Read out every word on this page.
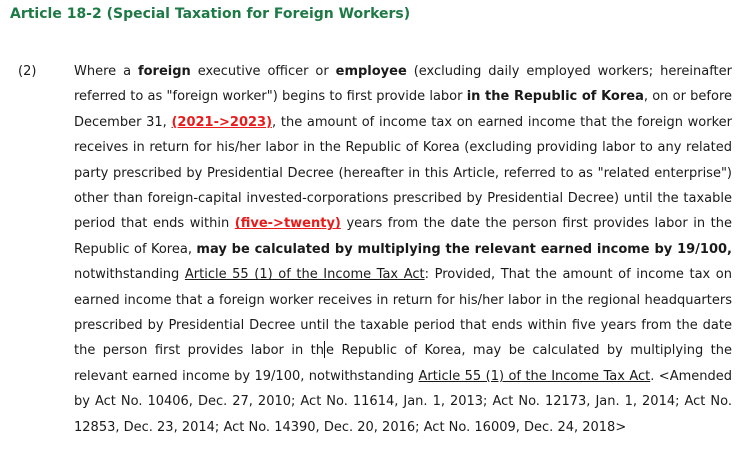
Article 18-2 (Special Taxation for Foreign Workers)
(2)	Where a foreign executive officer or employee (excluding daily employed workers; hereinafter referred to as "foreign worker") begins to first provide labor in the Republic of Korea, on or before December 31, (2021->2023), the amount of income tax on earned income that the foreign worker receives in return for his/her labor in the Republic of Korea (excluding providing labor to any related party prescribed by Presidential Decree (hereafter in this Article, referred to as "related enterprise") other than foreign-capital invested-corporations prescribed by Presidential Decree) until the taxable period that ends within (five->twenty) years from the date the person first provides labor in the Republic of Korea, may be calculated by multiplying the relevant earned income by 19/100, notwithstanding Article 55 (1) of the Income Tax Act: Provided, That the amount of income tax on earned income that a foreign worker receives in return for his/her labor in the regional headquarters prescribed by Presidential Decree until the taxable period that ends within five years from the date the person first provides labor in th e Republic of Korea, may be calculated by multiplying the relevant earned income by 19/100, notwithstanding Article 55 (1) of the Income Tax Act. <Amended by Act No. 10406, Dec. 27, 2010; Act No. 11614, Jan. 1, 2013; Act No. 12173, Jan. 1, 2014; Act No. 12853, Dec. 23, 2014; Act No. 14390, Dec. 20, 2016; Act No. 16009, Dec. 24, 2018>
